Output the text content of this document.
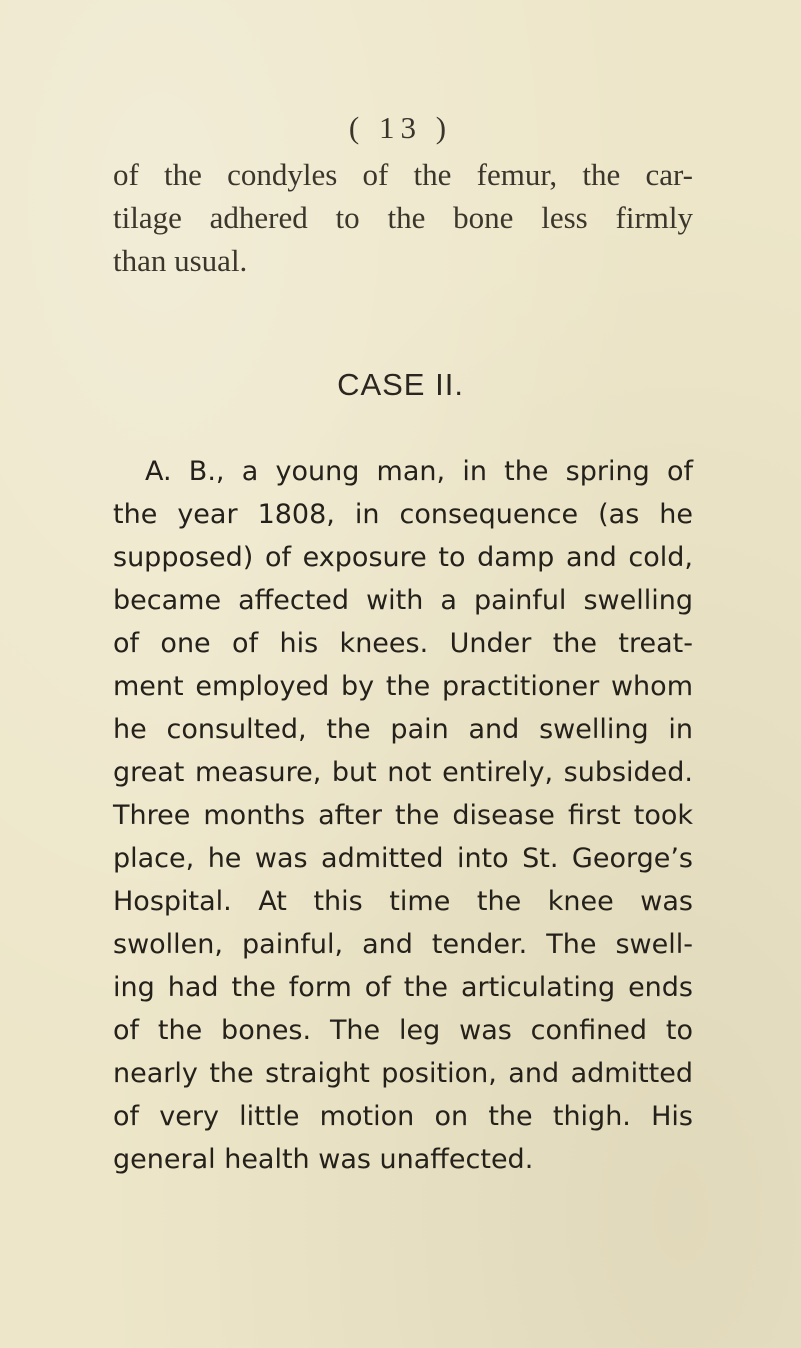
( 13 )
of the condyles of the femur, the car-
tilage adhered to the bone less firmly
than usual.
CASE II.
A. B., a young man, in the spring of
the year 1808, in consequence (as he
supposed) of exposure to damp and cold,
became affected with a painful swelling
of one of his knees. Under the treat-
ment employed by the practitioner whom
he consulted, the pain and swelling in
great measure, but not entirely, subsided.
Three months after the disease first took
place, he was admitted into St. George’s
Hospital. At this time the knee was
swollen, painful, and tender. The swell-
ing had the form of the articulating ends
of the bones. The leg was confined to
nearly the straight position, and admitted
of very little motion on the thigh. His
general health was unaffected.
